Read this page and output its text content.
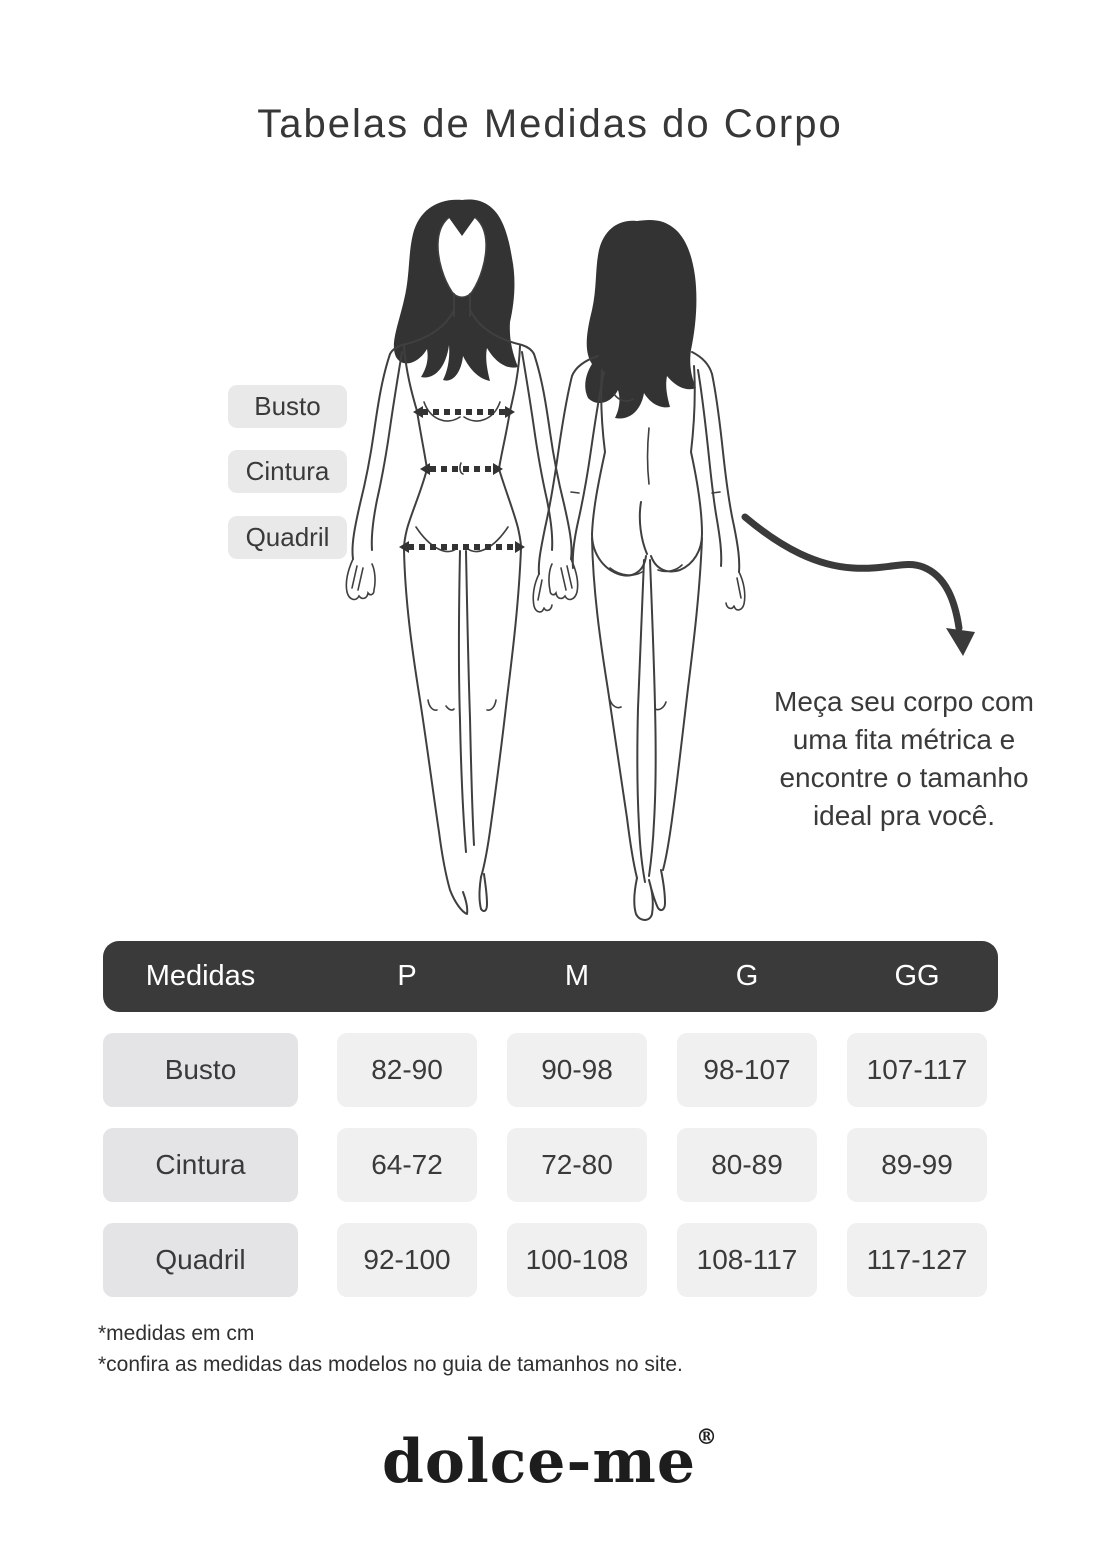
Tabelas de Medidas do Corpo
Busto
Cintura
Quadril
Meça seu corpo com
uma fita métrica e
encontre o tamanho
ideal pra você.
Medidas	P	M	G	GG
Busto	82-90	90-98	98-107	107-117
Cintura	64-72	72-80	80-89	89-99
Quadril	92-100	100-108	108-117	117-127
*medidas em cm
*confira as medidas das modelos no guia de tamanhos no site.
dolce-me®
